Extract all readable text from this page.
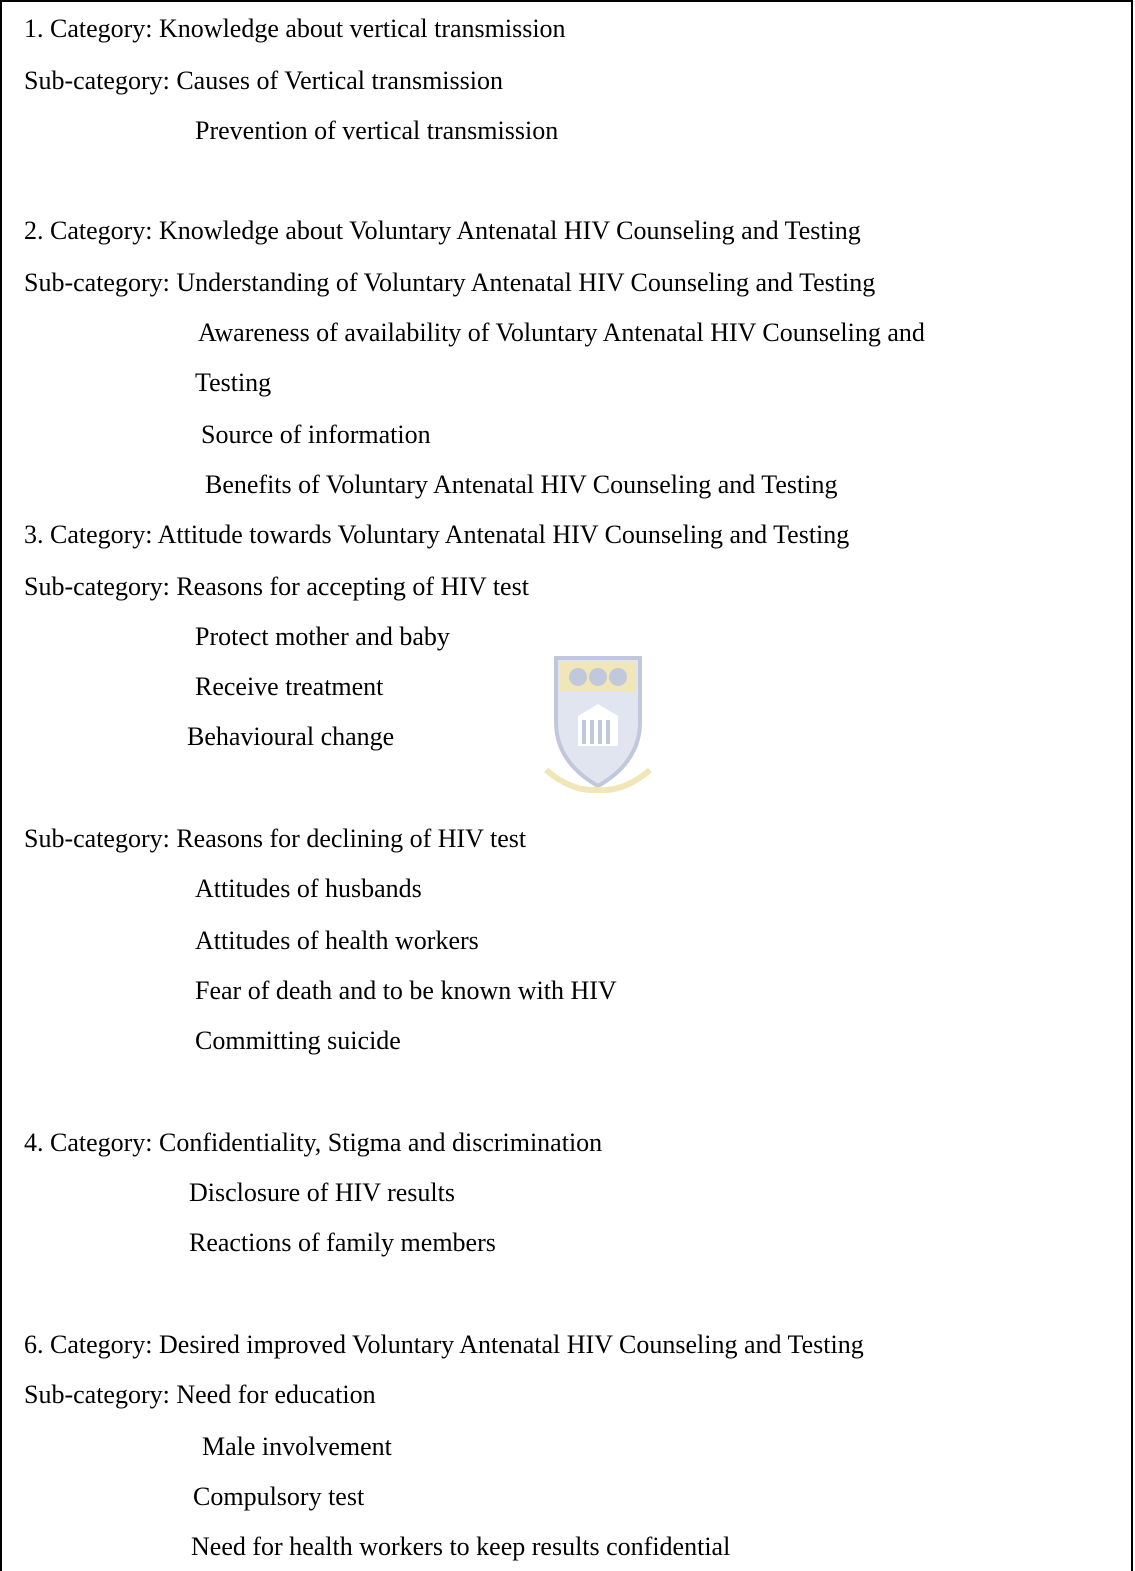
1. Category: Knowledge about vertical transmission
Sub-category: Causes of Vertical transmission
Prevention of vertical transmission
2. Category: Knowledge about Voluntary Antenatal HIV Counseling and Testing
Sub-category: Understanding of Voluntary Antenatal HIV Counseling and Testing
Awareness of availability of Voluntary Antenatal HIV Counseling and
Testing
Source of information
Benefits of Voluntary Antenatal HIV Counseling and Testing
3. Category: Attitude towards Voluntary Antenatal HIV Counseling and Testing
Sub-category: Reasons for accepting of HIV test
Protect mother and baby
Receive treatment
Behavioural change
Sub-category: Reasons for declining of HIV test
Attitudes of husbands
Attitudes of health workers
Fear of death and to be known with HIV
Committing suicide
4. Category: Confidentiality, Stigma and discrimination
Disclosure of HIV results
Reactions of family members
6. Category: Desired improved Voluntary Antenatal HIV Counseling and Testing
Sub-category: Need for education
Male involvement
Compulsory test
Need for health workers to keep results confidential
